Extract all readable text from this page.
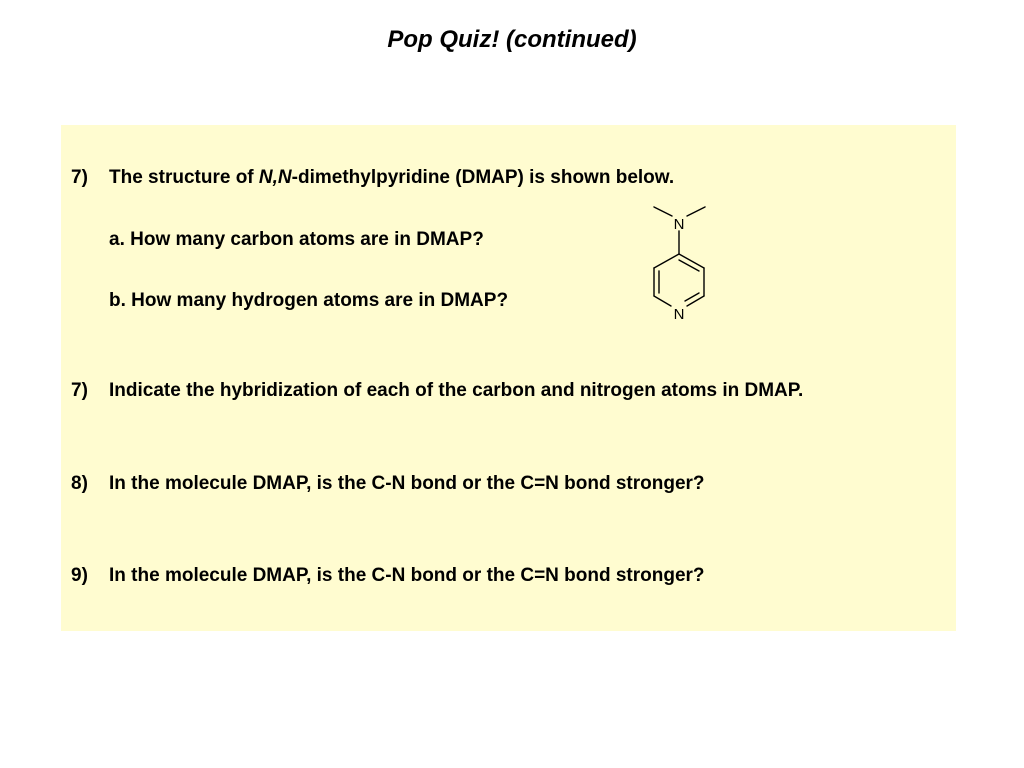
Pop Quiz! (continued)
7) The structure of N,N-dimethylpyridine (DMAP) is shown below.
a. How many carbon atoms are in DMAP?
b. How many hydrogen atoms are in DMAP?
N
N
7) Indicate the hybridization of each of the carbon and nitrogen atoms in DMAP.
8) In the molecule DMAP, is the C-N bond or the C=N bond stronger?
9) In the molecule DMAP, is the C-N bond or the C=N bond stronger?
